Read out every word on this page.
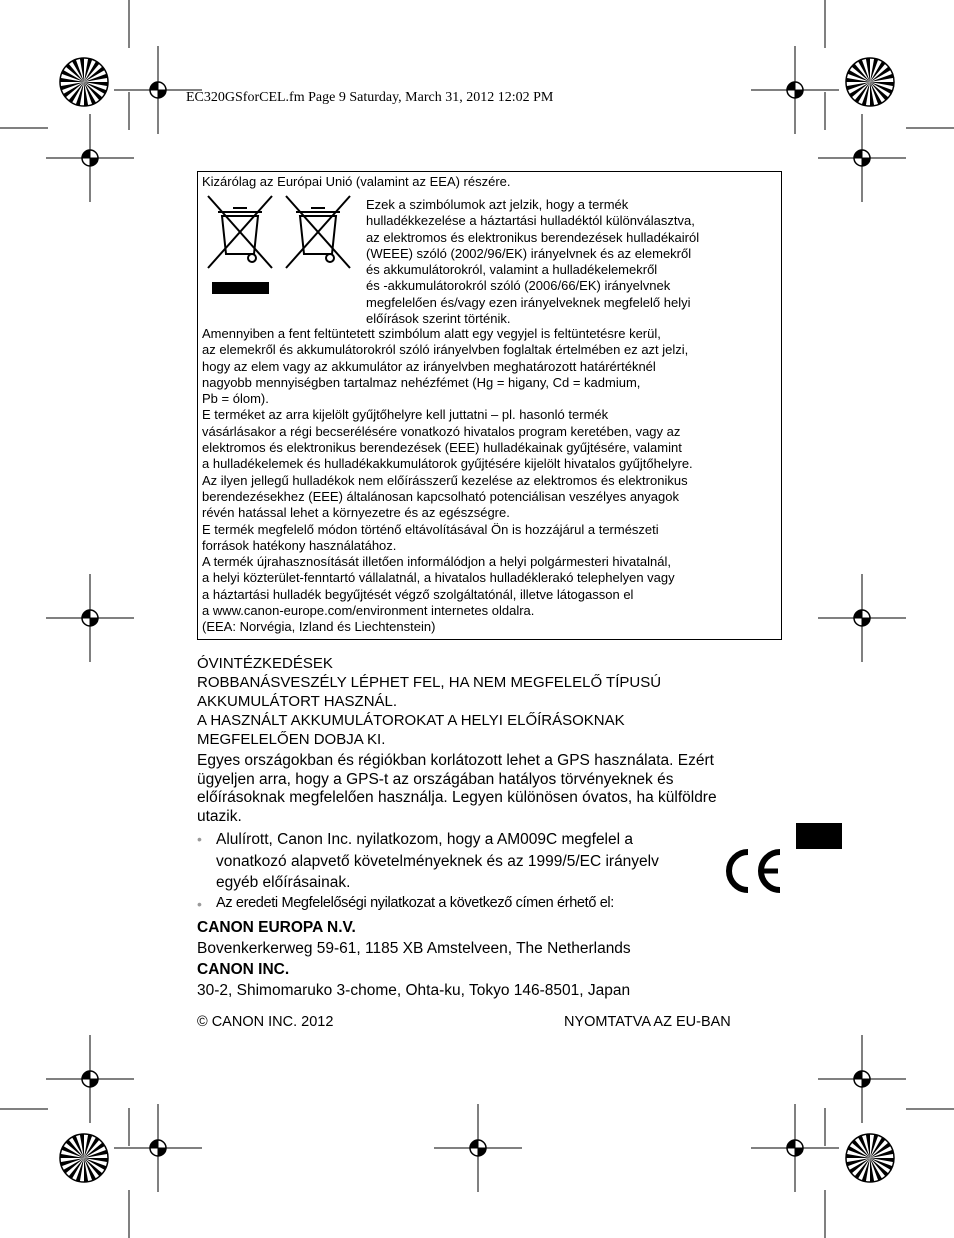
EC320GSforCEL.fm Page 9 Saturday, March 31, 2012 12:02 PM
Kizárólag az Európai Unió (valamint az EEA) részére.
Ezek a szimbólumok azt jelzik, hogy a termék
hulladékkezelése a háztartási hulladéktól különválasztva,
az elektromos és elektronikus berendezések hulladékairól
(WEEE) szóló (2002/96/EK) irányelvnek és az elemekről
és akkumulátorokról, valamint a hulladékelemekről
és -akkumulátorokról szóló (2006/66/EK) irányelvnek
megfelelően és/vagy ezen irányelveknek megfelelő helyi
előírások szerint történik.
Amennyiben a fent feltüntetett szimbólum alatt egy vegyjel is feltüntetésre kerül,
az elemekről és akkumulátorokról szóló irányelvben foglaltak értelmében ez azt jelzi,
hogy az elem vagy az akkumulátor az irányelvben meghatározott határértéknél
nagyobb mennyiségben tartalmaz nehézfémet (Hg = higany, Cd = kadmium,
Pb = ólom).
E terméket az arra kijelölt gyűjtőhelyre kell juttatni – pl. hasonló termék
vásárlásakor a régi becserélésére vonatkozó hivatalos program keretében, vagy az
elektromos és elektronikus berendezések (EEE) hulladékainak gyűjtésére, valamint
a hulladékelemek és hulladékakkumulátorok gyűjtésére kijelölt hivatalos gyűjtőhelyre.
Az ilyen jellegű hulladékok nem előírásszerű kezelése az elektromos és elektronikus
berendezésekhez (EEE) általánosan kapcsolható potenciálisan veszélyes anyagok
révén hatással lehet a környezetre és az egészségre.
E termék megfelelő módon történő eltávolításával Ön is hozzájárul a természeti
források hatékony használatához.
A termék újrahasznosítását illetően informálódjon a helyi polgármesteri hivatalnál,
a helyi közterület-fenntartó vállalatnál, a hivatalos hulladéklerakó telephelyen vagy
a háztartási hulladék begyűjtését végző szolgáltatónál, illetve látogasson el
a www.canon-europe.com/environment internetes oldalra.
(EEA: Norvégia, Izland és Liechtenstein)
ÓVINTÉZKEDÉSEK
ROBBANÁSVESZÉLY LÉPHET FEL, HA NEM MEGFELELŐ TÍPUSÚ
AKKUMULÁTORT HASZNÁL.
A HASZNÁLT AKKUMULÁTOROKAT A HELYI ELŐÍRÁSOKNAK
MEGFELELŐEN DOBJA KI.
Egyes országokban és régiókban korlátozott lehet a GPS használata. Ezért
ügyeljen arra, hogy a GPS-t az országában hatályos törvényeknek és
előírásoknak megfelelően használja. Legyen különösen óvatos, ha külföldre
utazik.
• Alulírott, Canon Inc. nyilatkozom, hogy a AM009C megfelel a
vonatkozó alapvető követelményeknek és az 1999/5/EC irányelv
egyéb előírásainak.
• Az eredeti Megfelelőségi nyilatkozat a következő címen érhető el:
CANON EUROPA N.V.
Bovenkerkerweg 59-61, 1185 XB Amstelveen, The Netherlands
CANON INC.
30-2, Shimomaruko 3-chome, Ohta-ku, Tokyo 146-8501, Japan
© CANON INC. 2012	NYOMTATVA AZ EU-BAN
